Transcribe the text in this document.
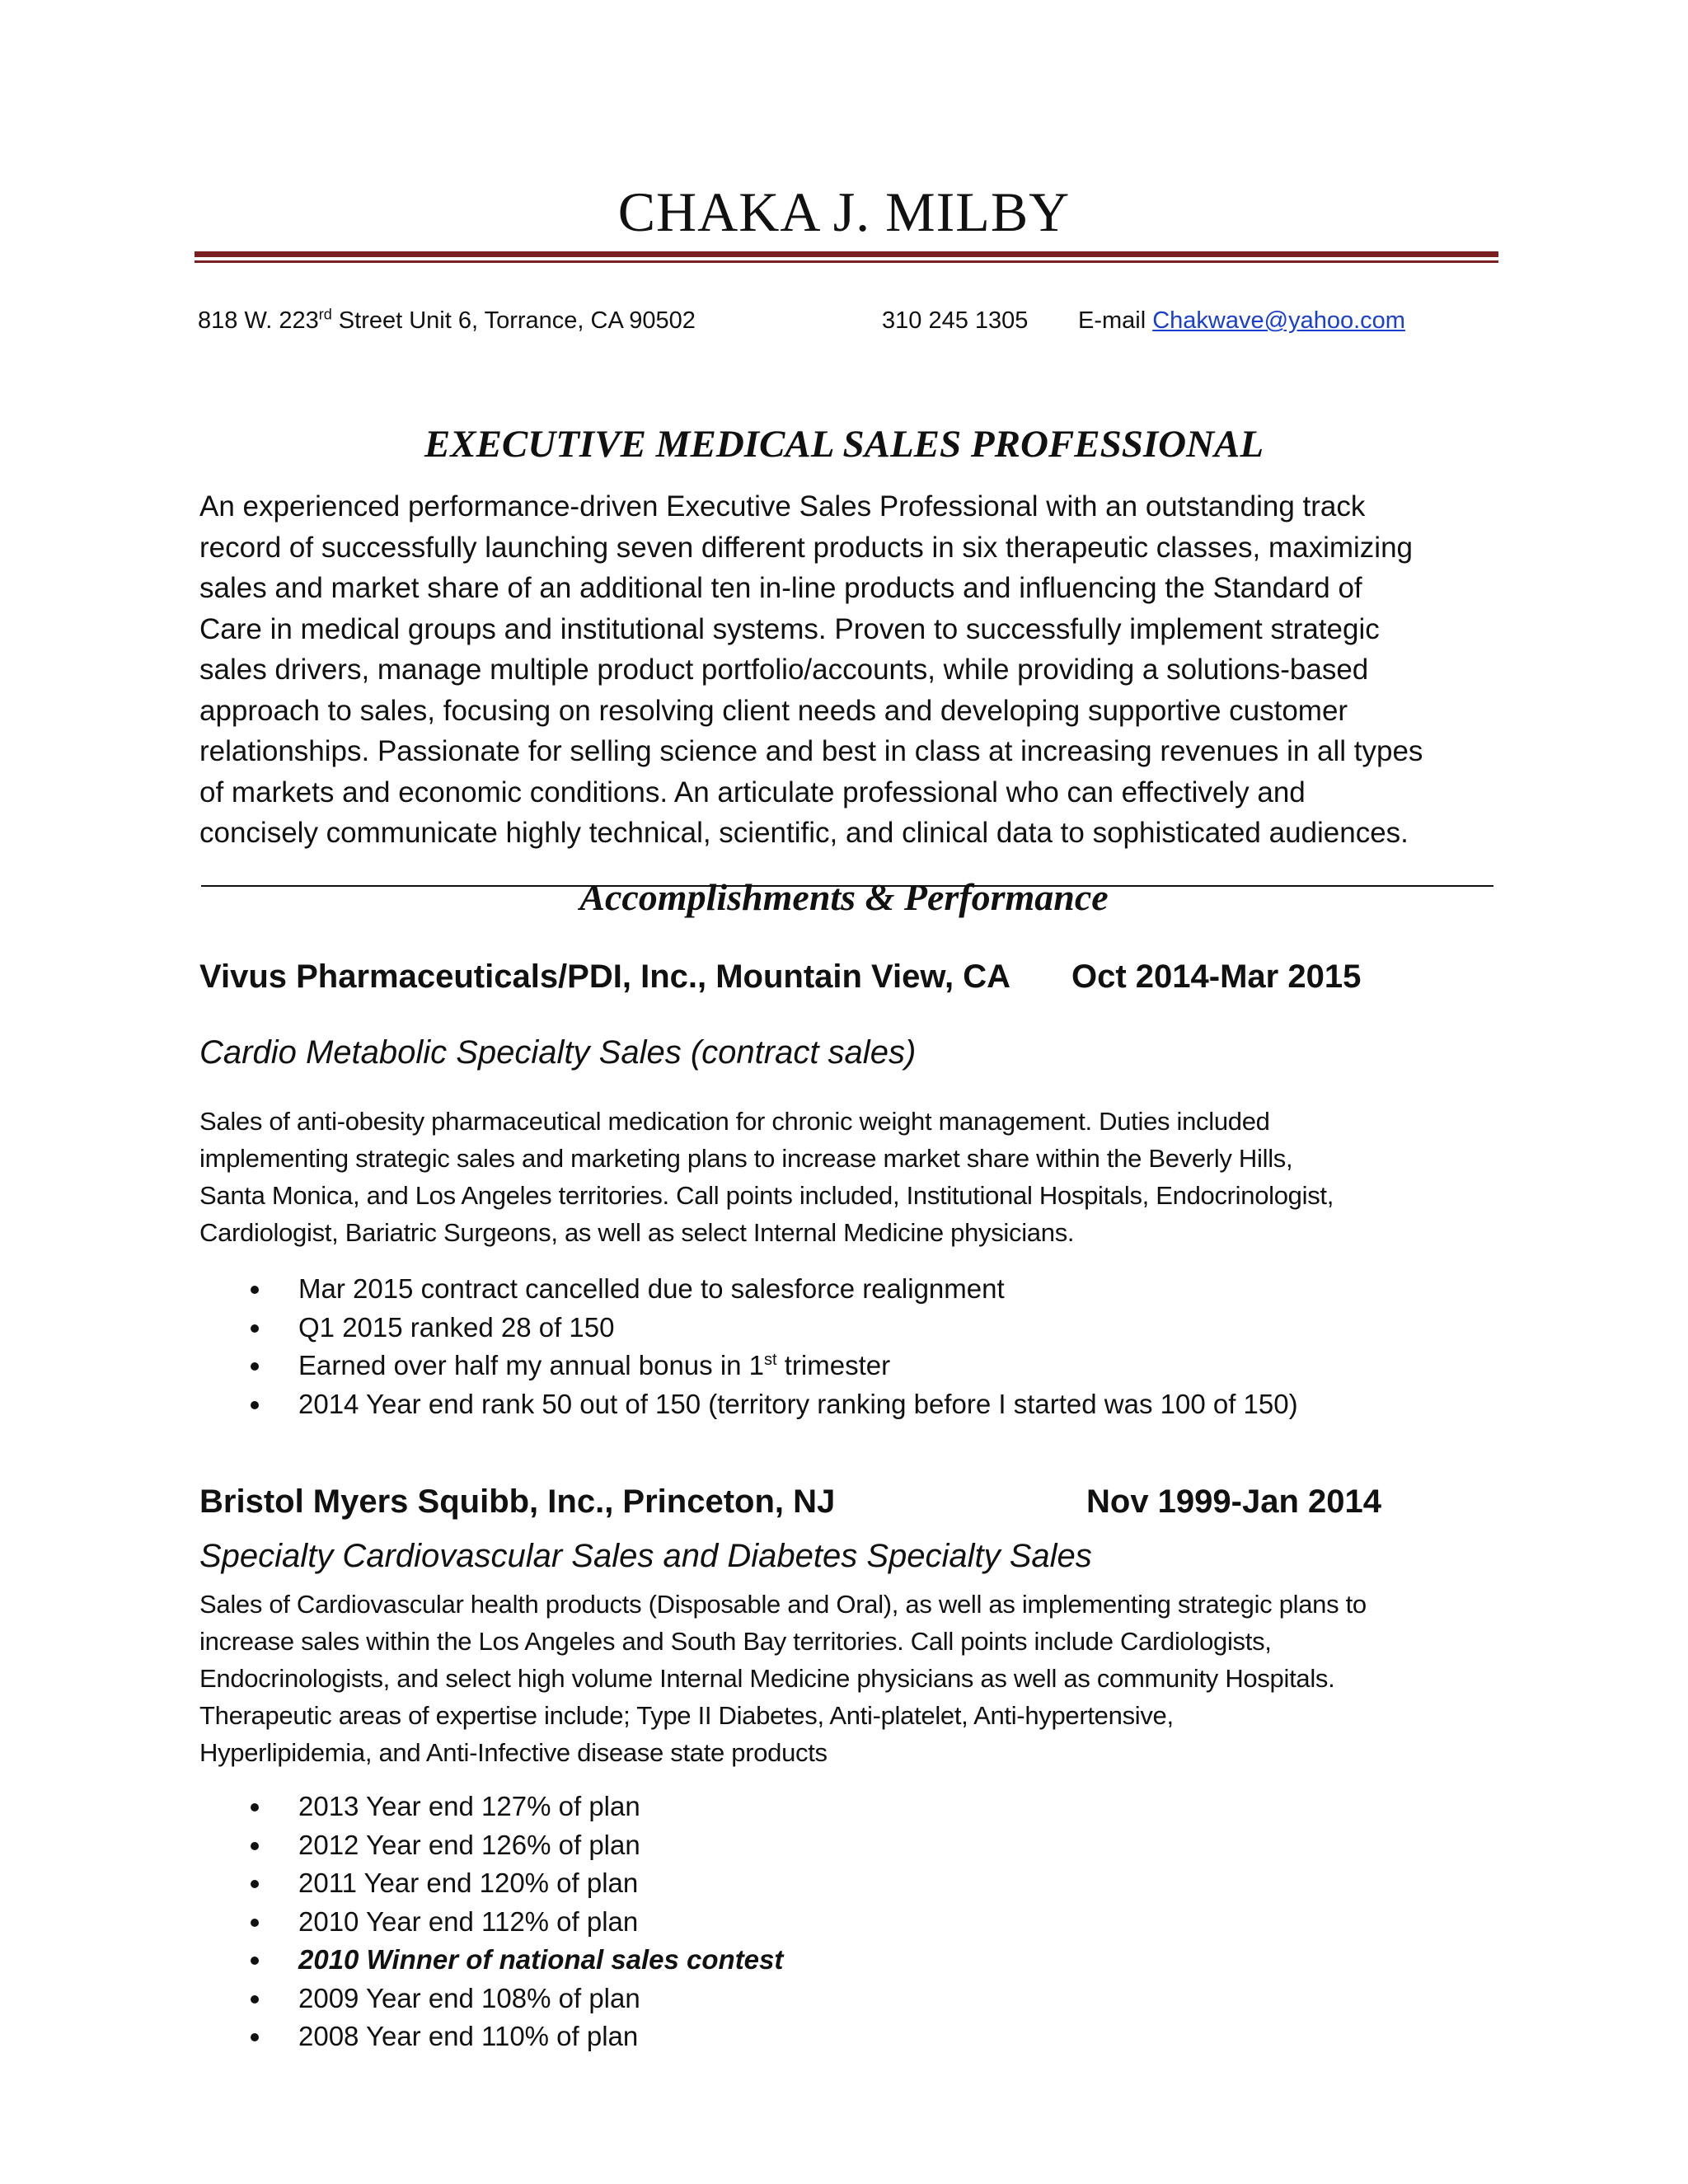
CHAKA J. MILBY
818 W. 223rd Street Unit 6, Torrance, CA 90502	310 245 1305 E-mail Chakwave@yahoo.com
EXECUTIVE MEDICAL SALES PROFESSIONAL
An experienced performance-driven Executive Sales Professional with an outstanding track
record of successfully launching seven different products in six therapeutic classes, maximizing
sales and market share of an additional ten in-line products and influencing the Standard of
Care in medical groups and institutional systems. Proven to successfully implement strategic
sales drivers, manage multiple product portfolio/accounts, while providing a solutions-based
approach to sales, focusing on resolving client needs and developing supportive customer
relationships. Passionate for selling science and best in class at increasing revenues in all types
of markets and economic conditions. An articulate professional who can effectively and
concisely communicate highly technical, scientific, and clinical data to sophisticated audiences.
Accomplishments & Performance
Vivus Pharmaceuticals/PDI, Inc., Mountain View, CA Oct 2014-Mar 2015
Cardio Metabolic Specialty Sales (contract sales)
Sales of anti-obesity pharmaceutical medication for chronic weight management. Duties included
implementing strategic sales and marketing plans to increase market share within the Beverly Hills,
Santa Monica, and Los Angeles territories. Call points included, Institutional Hospitals, Endocrinologist,
Cardiologist, Bariatric Surgeons, as well as select Internal Medicine physicians.
Mar 2015 contract cancelled due to salesforce realignment
Q1 2015 ranked 28 of 150
Earned over half my annual bonus in 1st trimester
2014 Year end rank 50 out of 150 (territory ranking before I started was 100 of 150)
Bristol Myers Squibb, Inc., Princeton, NJ	Nov 1999-Jan 2014
Specialty Cardiovascular Sales and Diabetes Specialty Sales
Sales of Cardiovascular health products (Disposable and Oral), as well as implementing strategic plans to
increase sales within the Los Angeles and South Bay territories. Call points include Cardiologists,
Endocrinologists, and select high volume Internal Medicine physicians as well as community Hospitals.
Therapeutic areas of expertise include; Type II Diabetes, Anti-platelet, Anti-hypertensive,
Hyperlipidemia, and Anti-Infective disease state products
2013 Year end 127% of plan
2012 Year end 126% of plan
2011 Year end 120% of plan
2010 Year end 112% of plan
2010 Winner of national sales contest
2009 Year end 108% of plan
2008 Year end 110% of plan
